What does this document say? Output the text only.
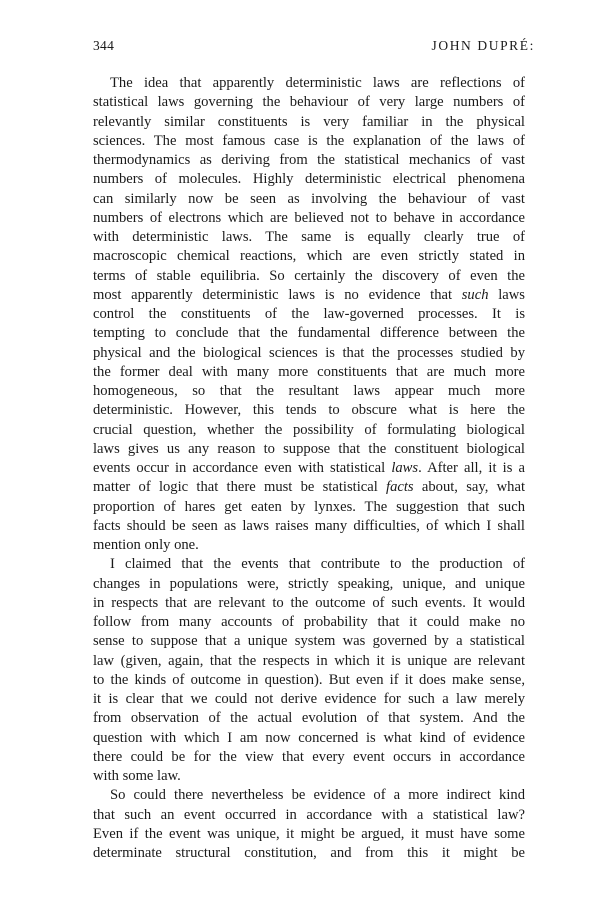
344	JOHN DUPRÉ:
The idea that apparently deterministic laws are reflections of
statistical laws governing the behaviour of very large numbers of
relevantly similar constituents is very familiar in the physical
sciences. The most famous case is the explanation of the laws of
thermodynamics as deriving from the statistical mechanics of vast
numbers of molecules. Highly deterministic electrical phenomena
can similarly now be seen as involving the behaviour of vast
numbers of electrons which are believed not to behave in accordance
with deterministic laws. The same is equally clearly true of
macroscopic chemical reactions, which are even strictly stated in
terms of stable equilibria. So certainly the discovery of even the
most apparently deterministic laws is no evidence that such laws
control the constituents of the law-governed processes. It is
tempting to conclude that the fundamental difference between the
physical and the biological sciences is that the processes studied by
the former deal with many more constituents that are much more
homogeneous, so that the resultant laws appear much more
deterministic. However, this tends to obscure what is here the
crucial question, whether the possibility of formulating biological
laws gives us any reason to suppose that the constituent biological
events occur in accordance even with statistical laws. After all, it is a
matter of logic that there must be statistical facts about, say, what
proportion of hares get eaten by lynxes. The suggestion that such
facts should be seen as laws raises many difficulties, of which I shall
mention only one.
I claimed that the events that contribute to the production of
changes in populations were, strictly speaking, unique, and unique
in respects that are relevant to the outcome of such events. It would
follow from many accounts of probability that it could make no
sense to suppose that a unique system was governed by a statistical
law (given, again, that the respects in which it is unique are relevant
to the kinds of outcome in question). But even if it does make sense,
it is clear that we could not derive evidence for such a law merely
from observation of the actual evolution of that system. And the
question with which I am now concerned is what kind of evidence
there could be for the view that every event occurs in accordance
with some law.
So could there nevertheless be evidence of a more indirect kind
that such an event occurred in accordance with a statistical law?
Even if the event was unique, it might be argued, it must have some
determinate structural constitution, and from this it might be
